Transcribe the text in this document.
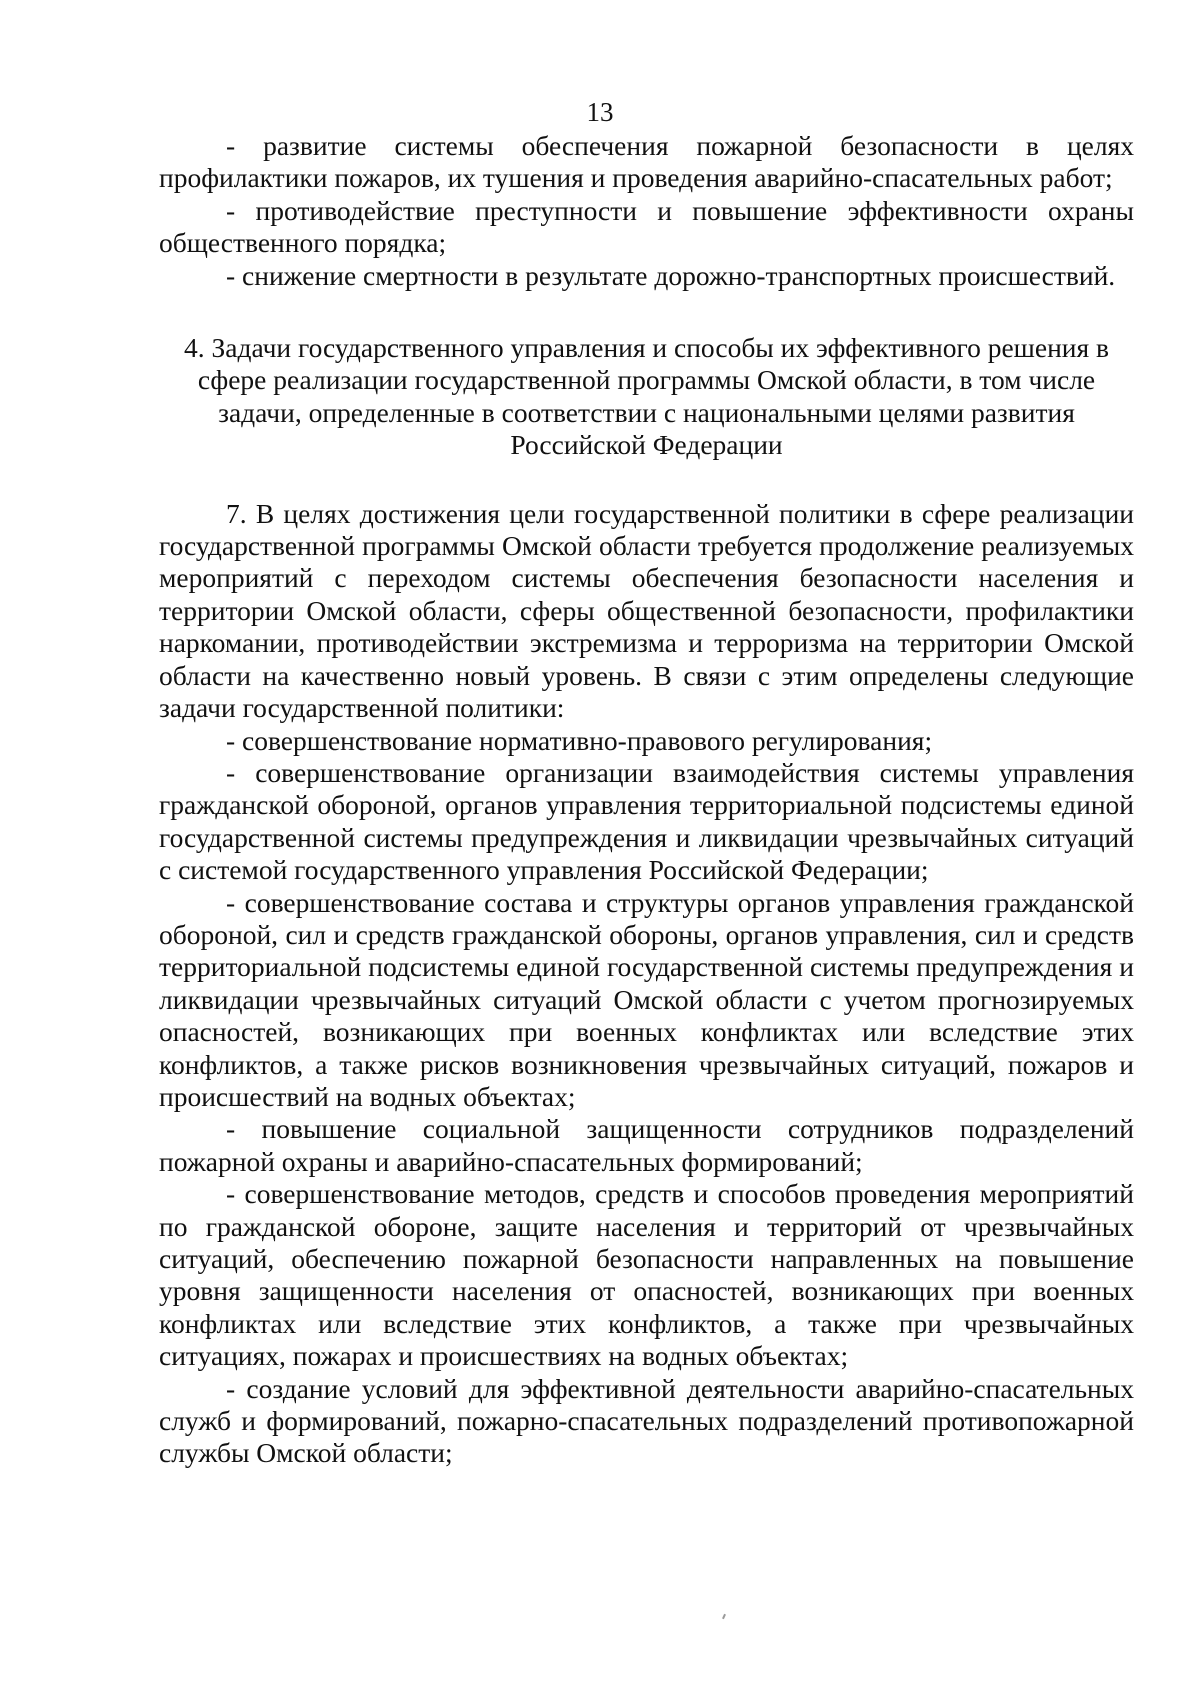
13

- развитие системы обеспечения пожарной безопасности в целях профилактики пожаров, их тушения и проведения аварийно-спасательных работ;

- противодействие преступности и повышение эффективности охраны общественного порядка;

- снижение смертности в результате дорожно-транспортных происшествий.

4. Задачи государственного управления и способы их эффективного решения в
сфере реализации государственной программы Омской области, в том числе
задачи, определенные в соответствии с национальными целями развития
Российской Федерации

7. В целях достижения цели государственной политики в сфере реализации государственной программы Омской области требуется продолжение реализуемых мероприятий с переходом системы обеспечения безопасности населения и территории Омской области, сферы общественной безопасности, профилактики наркомании, противодействии экстремизма и терроризма на территории Омской области на качественно новый уровень. В связи с этим определены следующие задачи государственной политики:

- совершенствование нормативно-правового регулирования;

- совершенствование организации взаимодействия системы управления гражданской обороной, органов управления территориальной подсистемы единой государственной системы предупреждения и ликвидации чрезвычайных ситуаций с системой государственного управления Российской Федерации;

- совершенствование состава и структуры органов управления гражданской обороной, сил и средств гражданской обороны, органов управления, сил и средств территориальной подсистемы единой государственной системы предупреждения и ликвидации чрезвычайных ситуаций Омской области с учетом прогнозируемых опасностей, возникающих при военных конфликтах или вследствие этих конфликтов, а также рисков возникновения чрезвычайных ситуаций, пожаров и происшествий на водных объектах;

- повышение социальной защищенности сотрудников подразделений пожарной охраны и аварийно-спасательных формирований;

- совершенствование методов, средств и способов проведения мероприятий по гражданской обороне, защите населения и территорий от чрезвычайных ситуаций, обеспечению пожарной безопасности направленных на повышение уровня защищенности населения от опасностей, возникающих при военных конфликтах или вследствие этих конфликтов, а также при чрезвычайных ситуациях, пожарах и происшествиях на водных объектах;

- создание условий для эффективной деятельности аварийно-спасательных служб и формирований, пожарно-спасательных подразделений противопожарной службы Омской области;
